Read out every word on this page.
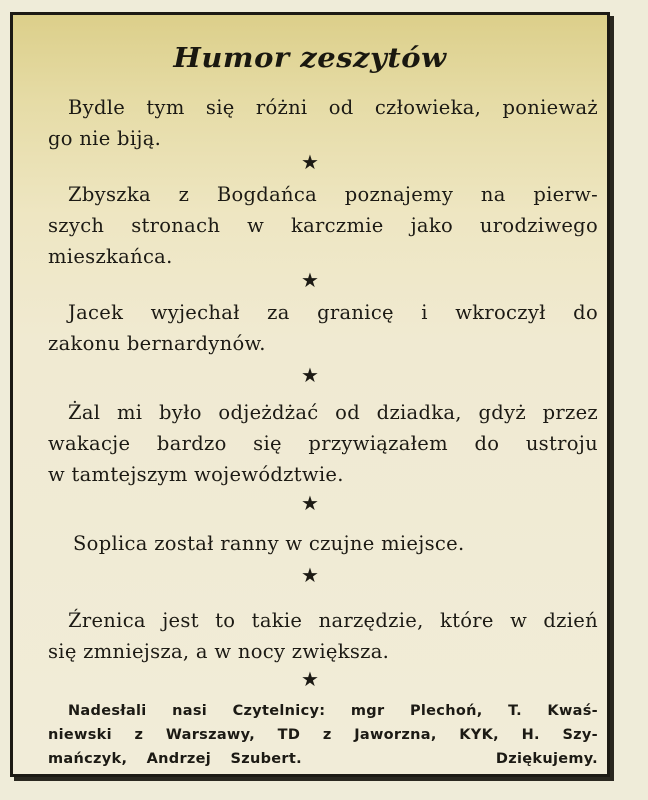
Humor zeszytów
Bydle tym się różni od człowieka, ponieważ
go nie biją.
★
Zbyszka z Bogdańca poznajemy na pierw-
szych stronach w karczmie jako urodziwego
mieszkańca.
★
Jacek wyjechał za granicę i wkroczył do
zakonu bernardynów.
★
Żal mi było odjeżdżać od dziadka, gdyż przez
wakacje bardzo się przywiązałem do ustroju
w tamtejszym województwie.
★
Soplica został ranny w czujne miejsce.
★
Źrenica jest to takie narzędzie, które w dzień
się zmniejsza, a w nocy zwiększa.
★
Nadesłali nasi Czytelnicy: mgr Plechoń, T. Kwaś-
niewski z Warszawy, TD z Jaworzna, KYK, H. Szy-
mańczyk, Andrzej Szubert.          Dziękujemy.
